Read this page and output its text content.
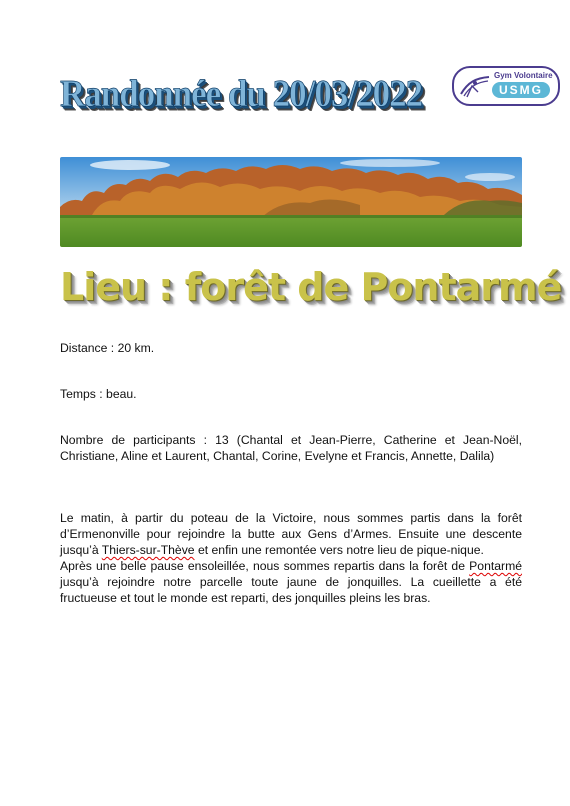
Randonnée du 20/03/2022	Gym Volontaire
USMG
Lieu : forêt de Pontarmé
Distance : 20 km.
Temps : beau.
Nombre de participants : 13 (Chantal et Jean-Pierre, Catherine et Jean-Noël, Christiane, Aline et Laurent, Chantal, Corine, Evelyne et Francis, Annette, Dalila)

Le matin, à partir du poteau de la Victoire, nous sommes partis dans la forêt d’Ermenonville pour rejoindre la butte aux Gens d’Armes. Ensuite une descente jusqu’à Thiers-sur-Thève et enfin une remontée vers notre lieu de pique-nique.

Après une belle pause ensoleillée, nous sommes repartis dans la forêt de Pontarmé jusqu’à rejoindre notre parcelle toute jaune de jonquilles. La cueillette a été fructueuse et tout le monde est reparti, des jonquilles pleins les bras.
